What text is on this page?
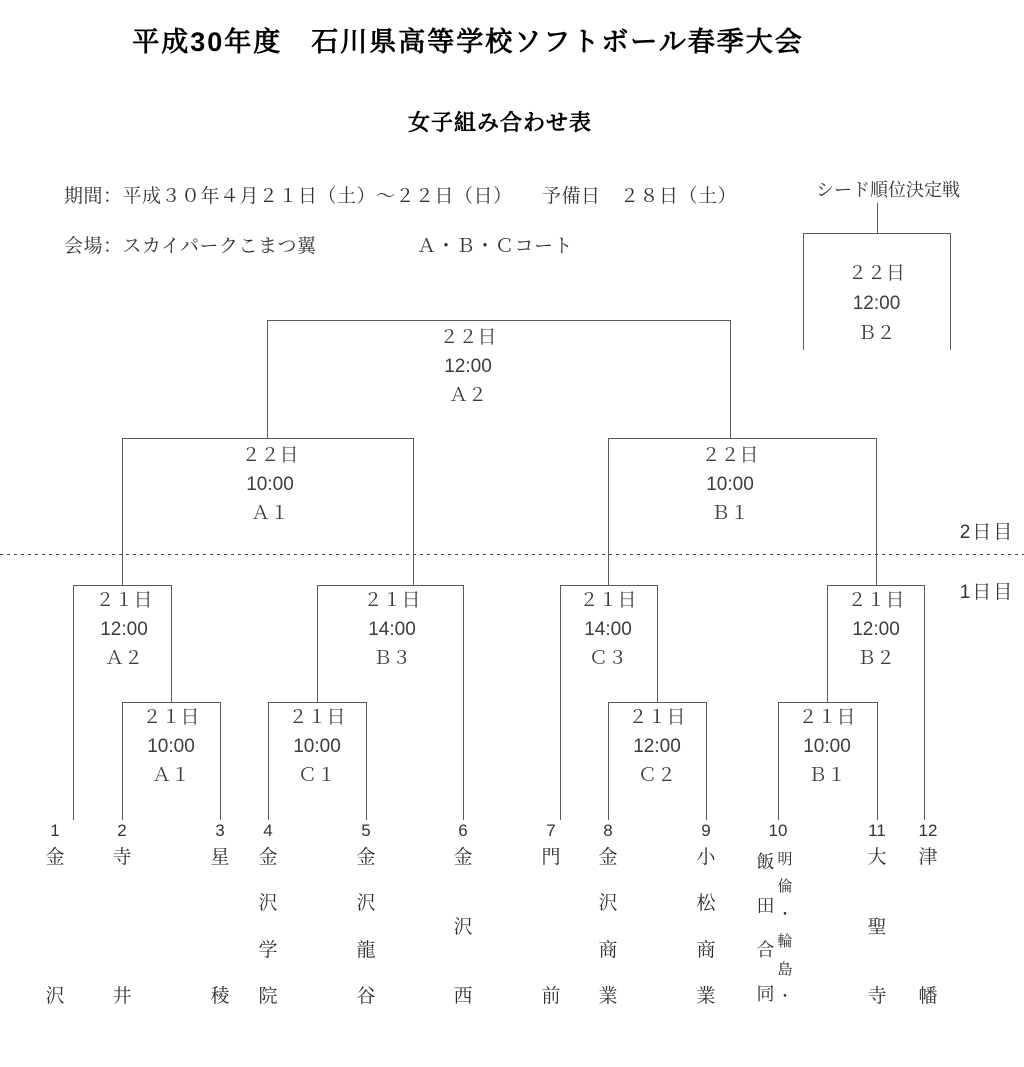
平成30年度　石川県高等学校ソフトボール春季大会
女子組み合わせ表
期間：平成３０年４月２１日（土）～２２日（日）　　予備日　２８日（土）
会場：スカイパークこまつ翼	Ａ・Ｂ・Ｃコート
シード順位決定戦
２２日
12:00
Ｂ２
2日目
1日目
２２日
12:00
Ａ２
２２日
10:00
Ａ１
２２日
10:00
Ｂ１
２１日
12:00
Ａ２
２１日
14:00
Ｂ３
２１日
14:00
Ｃ３
２１日
12:00
Ｂ２
２１日
10:00
Ａ１
２１日
10:00
Ｃ１
２１日
12:00
Ｃ２
２１日
10:00
Ｂ１
1
金
沢
2
寺
井
3
星
稜
4
金
沢
学
院
5
金
沢
龍
谷
6
金
沢
西
7
門
前
8
金
沢
商
業
9
小
松
商
業
10
飯
田
合
同
明
倫
・
輪
島
・
11
大
聖
寺
12
津
幡
